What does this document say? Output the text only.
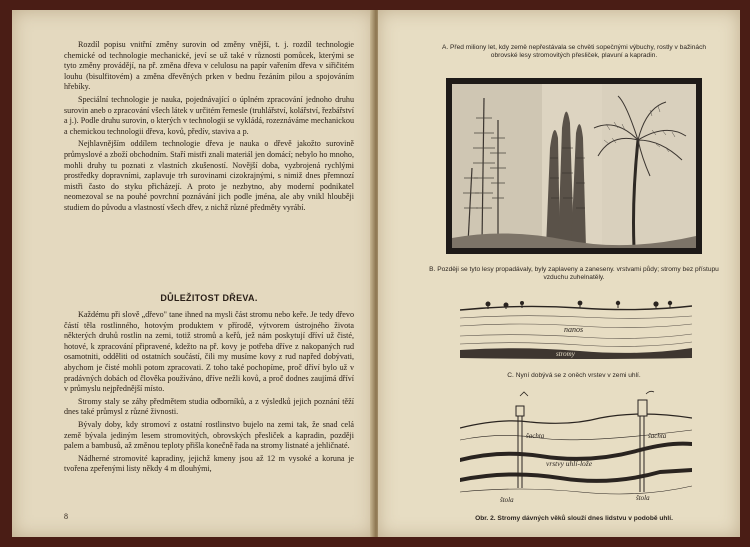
Rozdíl popisu vnitřní změny surovin od změny vnější, t. j. rozdíl technologie chemické od technologie mechanické, jeví se už také v různosti pomůcek, kterými se tyto změny provádějí, na př. změna dřeva v celulosu na papír vařením dřeva v siřičitém louhu (bisulfitovém) a změna dřevěných prken v bednu řezáním pilou a spojováním hřebíky.

Speciální technologie je nauka, pojednávající o úplném zpracování jednoho druhu surovin aneb o zpracování všech látek v určitém řemesle (truhlářství, kolářství, řezbářství a j.). Podle druhu surovin, o kterých v technologii se vykládá, rozeznáváme mechanickou a chemickou technologii dřeva, kovů, předív, staviva a p.

Nejhlavnějším oddílem technologie dřeva je nauka o dřevě jakožto surovině průmyslové a zboží obchodním. Staří mistři znali materiál jen domácí; nebylo ho mnoho, mohli druhy tu poznati z vlastních zkušeností. Novější doba, vyzbrojená rychlými prostředky dopravními, zaplavuje trh surovinami cizokrajnými, s nimiž dnes přemnozí mistři často do styku přicházejí. A proto je nezbytno, aby moderní podnikatel neomezoval se na pouhé povrchní poznávání jich podle jména, ale aby vnikl hlouběji studiem do původu a vlastností všech dřev, z nichž různé předměty vyrábí.

DŮLEŽITOST DŘEVA.

Každému při slově „dřevo" tane ihned na mysli část stromu nebo keře. Je tedy dřevo částí těla rostlinného, hotovým produktem v přírodě, výtvorem ústrojného života některých druhů rostlin na zemi, totiž stromů a keřů, jež nám poskytují dříví už čisté, hotové, k zpracování připravené, kdežto na př. kovy je potřeba dříve z nakopaných rud osamotniti, odděliti od ostatních součástí, čili my musíme kovy z rud napřed dobývati, abychom je čisté mohli potom zpracovati. Z toho také pochopíme, proč dříví bylo už v pradávných dobách od člověka používáno, dříve nežli kovů, a proč dodnes zaujímá dříví v průmyslu nejpřednější místo.

Stromy staly se záhy předmětem studia odborníků, a z výsledků jejich poznání těží dnes také průmysl z různé živnosti.

Bývaly doby, kdy stromoví z ostatní rostlinstvo bujelo na zemi tak, že snad celá země bývala jediným lesem stromovitých, obrovských přesliček a kapradin, později palem a bambusů, až změnou teploty přišla konečně řada na stromy listnaté a jehličnaté.

Nádherné stromovité kapradiny, jejichž kmeny jsou až 12 m vysoké a koruna je tvořena zpeřenými listy někdy 4 m dlouhými,

8
A. Před miliony let, kdy země nepřestávala se chvěti sopečnými výbuchy, rostly v bažinách obrovské lesy stromovitých přesliček, plavuní a kapradin.
B. Později se tyto lesy propadávaly, byly zaplaveny a zaneseny. vrstvami půdy; stromy bez přístupu vzduchu zuhelnatěly.
nanos
stromy
C. Nyní dobývá se z oněch vrstev v zemi uhlí.
šachta	šachta
vrstvy uhlí-lože
štola	štola
Obr. 2. Stromy dávných věků slouží dnes lidstvu v podobě uhlí.
